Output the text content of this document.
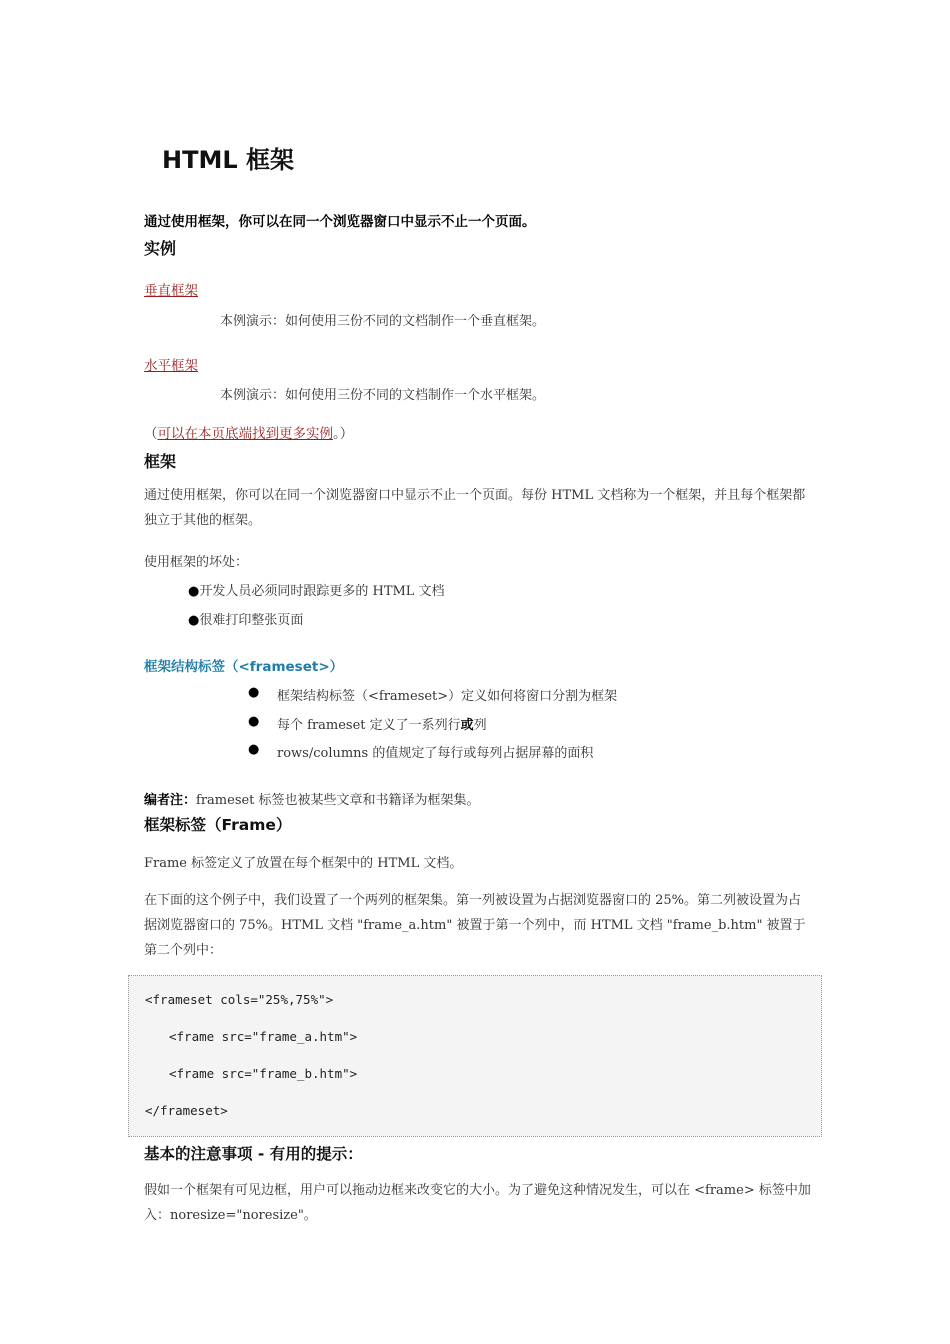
HTML 框架
通过使用框架，你可以在同一个浏览器窗口中显示不止一个页面。
实例
垂直框架
本例演示：如何使用三份不同的文档制作一个垂直框架。
水平框架
本例演示：如何使用三份不同的文档制作一个水平框架。
（可以在本页底端找到更多实例。）
框架
通过使用框架，你可以在同一个浏览器窗口中显示不止一个页面。每份 HTML 文档称为一个框架，并且每个框架都独立于其他的框架。
使用框架的坏处：
●开发人员必须同时跟踪更多的 HTML 文档
●很难打印整张页面
框架结构标签（<frameset>）
● 框架结构标签（<frameset>）定义如何将窗口分割为框架
● 每个 frameset 定义了一系列行或列
● rows/columns 的值规定了每行或每列占据屏幕的面积
编者注：frameset 标签也被某些文章和书籍译为框架集。
框架标签（Frame）
Frame 标签定义了放置在每个框架中的 HTML 文档。
在下面的这个例子中，我们设置了一个两列的框架集。第一列被设置为占据浏览器窗口的 25%。第二列被设置为占据浏览器窗口的 75%。HTML 文档 "frame_a.htm" 被置于第一个列中，而 HTML 文档 "frame_b.htm" 被置于第二个列中：
<frameset cols="25%,75%">
<frame src="frame_a.htm">
<frame src="frame_b.htm">
</frameset>
基本的注意事项 - 有用的提示：
假如一个框架有可见边框，用户可以拖动边框来改变它的大小。为了避免这种情况发生，可以在 <frame> 标签中加入：noresize="noresize"。
